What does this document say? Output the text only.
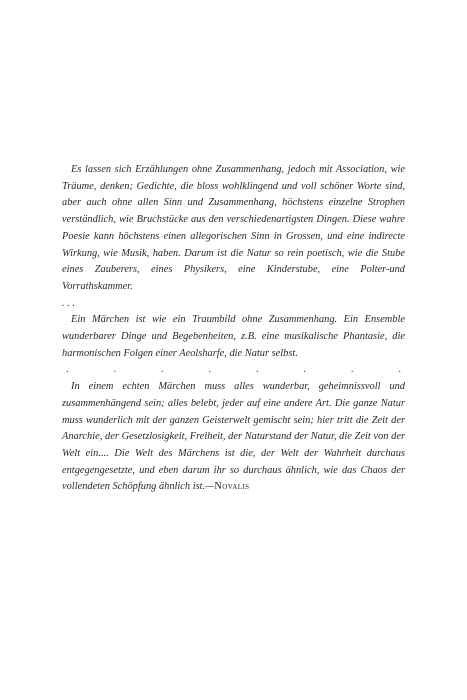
Es lassen sich Erzählungen ohne Zusammenhang, jedoch mit Association, wie Träume, denken; Gedichte, die bloss wohlklingend und voll schöner Worte sind, aber auch ohne allen Sinn und Zusammenhang, höchstens einzelne Strophen verständlich, wie Bruchstücke aus den verschiedenartigsten Dingen. Diese wahre Poesie kann höchstens einen allegorischen Sinn in Grossen, und eine indirecte Wirkung, wie Musik, haben. Darum ist die Natur so rein poetisch, wie die Stube eines Zauberers, eines Physikers, eine Kinderstube, eine Polter-und Vorrathskammer.

. . .

Ein Märchen ist wie ein Traumbild ohne Zusammenhang. Ein Ensemble wunderbarer Dinge und Begebenheiten, z.B. eine musikalische Phantasie, die harmonischen Folgen einer Aeolsharfe, die Natur selbst.

.	.	.	.	.	.	.	.

In einem echten Märchen muss alles wunderbar, geheimnissvoll und zusammenhängend sein; alles belebt, jeder auf eine andere Art. Die ganze Natur muss wunderlich mit der ganzen Geisterwelt gemischt sein; hier tritt die Zeit der Anarchie, der Gesetzlosigkeit, Freiheit, der Naturstand der Natur, die Zeit von der Welt ein.... Die Welt des Märchens ist die, der Welt der Wahrheit durchaus entgegengesetzte, und eben darum ihr so durchaus ähnlich, wie das Chaos der vollendeten Schöpfung ähnlich ist.—Novalis
